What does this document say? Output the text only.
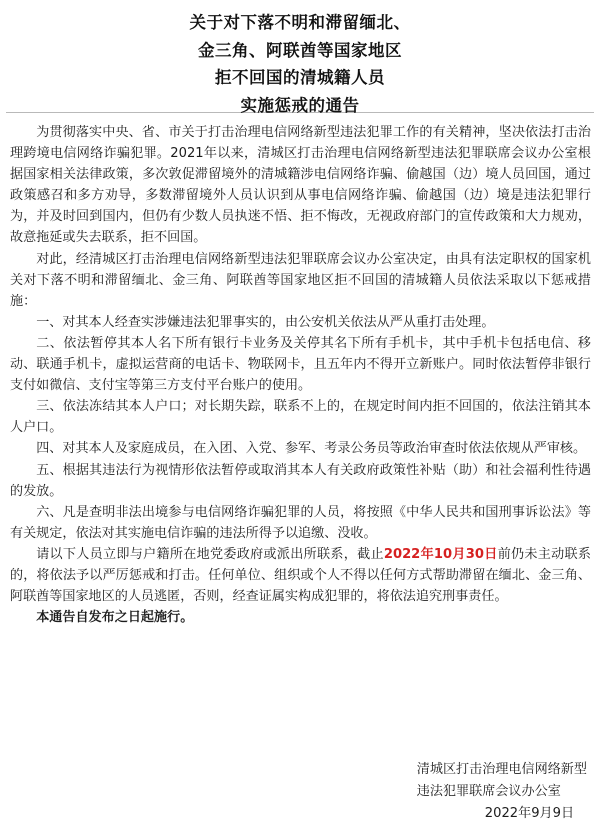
关于对下落不明和滞留缅北、
金三角、阿联酋等国家地区
拒不回国的清城籍人员
实施惩戒的通告

为贯彻落实中央、省、市关于打击治理电信网络新型违法犯罪工作的有关精神，坚决依法打击治理跨境电信网络诈骗犯罪。2021年以来，清城区打击治理电信网络新型违法犯罪联席会议办公室根据国家相关法律政策，多次敦促滞留境外的清城籍涉电信网络诈骗、偷越国（边）境人员回国，通过政策感召和多方劝导，多数滞留境外人员认识到从事电信网络诈骗、偷越国（边）境是违法犯罪行为，并及时回到国内，但仍有少数人员执迷不悟、拒不悔改，无视政府部门的宣传政策和大力规劝，故意拖延或失去联系，拒不回国。

对此，经清城区打击治理电信网络新型违法犯罪联席会议办公室决定，由具有法定职权的国家机关对下落不明和滞留缅北、金三角、阿联酋等国家地区拒不回国的清城籍人员依法采取以下惩戒措施：

一、对其本人经查实涉嫌违法犯罪事实的，由公安机关依法从严从重打击处理。

二、依法暂停其本人名下所有银行卡业务及关停其名下所有手机卡，其中手机卡包括电信、移动、联通手机卡，虚拟运营商的电话卡、物联网卡，且五年内不得开立新账户。同时依法暂停非银行支付如微信、支付宝等第三方支付平台账户的使用。

三、依法冻结其本人户口；对长期失踪，联系不上的，在规定时间内拒不回国的，依法注销其本人户口。

四、对其本人及家庭成员，在入团、入党、参军、考录公务员等政治审查时依法依规从严审核。

五、根据其违法行为视情形依法暂停或取消其本人有关政府政策性补贴（助）和社会福利性待遇的发放。

六、凡是查明非法出境参与电信网络诈骗犯罪的人员，将按照《中华人民共和国刑事诉讼法》等有关规定，依法对其实施电信诈骗的违法所得予以追缴、没收。

请以下人员立即与户籍所在地党委政府或派出所联系，截止2022年10月30日前仍未主动联系的，将依法予以严厉惩戒和打击。任何单位、组织或个人不得以任何方式帮助滞留在缅北、金三角、阿联酋等国家地区的人员逃匿，否则，经查证属实构成犯罪的，将依法追究刑事责任。

本通告自发布之日起施行。

清城区打击治理电信网络新型
违法犯罪联席会议办公室
2022年9月9日
